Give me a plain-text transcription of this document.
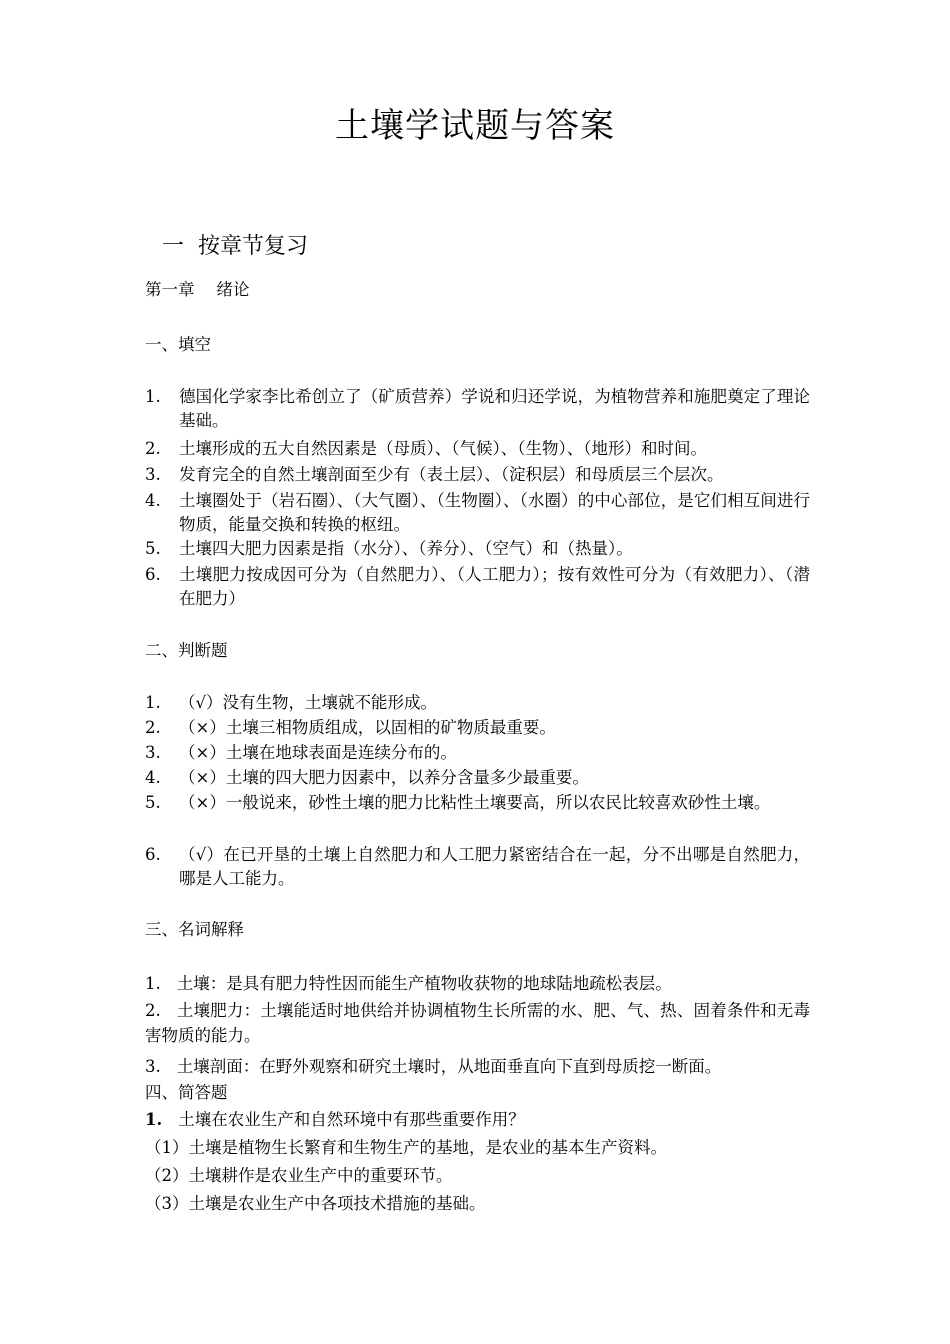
土壤学试题与答案
一 按章节复习
第一章 绪论
一、填空
1. 德国化学家李比希创立了（矿质营养）学说和归还学说，为植物营养和施肥奠定了理论基础。
2. 土壤形成的五大自然因素是（母质）、（气候）、（生物）、（地形）和时间。
3. 发育完全的自然土壤剖面至少有（表土层）、（淀积层）和母质层三个层次。
4. 土壤圈处于（岩石圈）、（大气圈）、（生物圈）、（水圈）的中心部位，是它们相互间进行物质，能量交换和转换的枢纽。
5. 土壤四大肥力因素是指（水分）、（养分）、（空气）和（热量）。
6. 土壤肥力按成因可分为（自然肥力）、（人工肥力）；按有效性可分为（有效肥力）、（潜在肥力）
二、判断题
1. （√）没有生物，土壤就不能形成。
2. （×）土壤三相物质组成，以固相的矿物质最重要。
3. （×）土壤在地球表面是连续分布的。
4. （×）土壤的四大肥力因素中，以养分含量多少最重要。
5. （×）一般说来，砂性土壤的肥力比粘性土壤要高，所以农民比较喜欢砂性土壤。
6. （√）在已开垦的土壤上自然肥力和人工肥力紧密结合在一起，分不出哪是自然肥力，哪是人工能力。
三、名词解释
1. 土壤：是具有肥力特性因而能生产植物收获物的地球陆地疏松表层。
2. 土壤肥力：土壤能适时地供给并协调植物生长所需的水、肥、气、热、固着条件和无毒害物质的能力。
3. 土壤剖面：在野外观察和研究土壤时，从地面垂直向下直到母质挖一断面。
四、简答题
1. 土壤在农业生产和自然环境中有那些重要作用？
（1）土壤是植物生长繁育和生物生产的基地，是农业的基本生产资料。
（2）土壤耕作是农业生产中的重要环节。
（3）土壤是农业生产中各项技术措施的基础。
